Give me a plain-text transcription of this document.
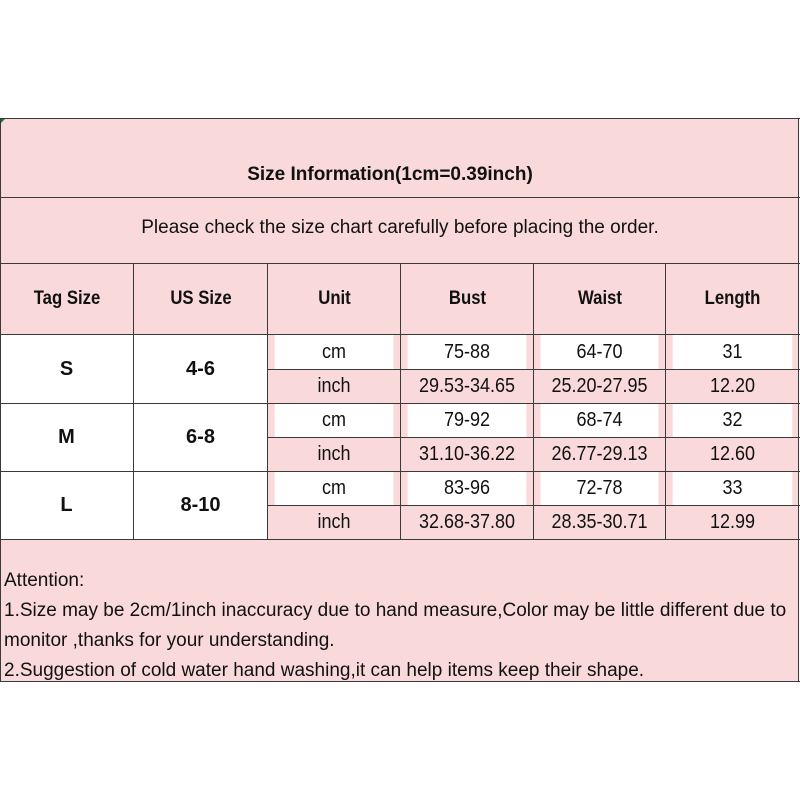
Size Information(1cm=0.39inch)
Please check the size chart carefully before placing the order.
Tag Size	US Size	Unit	Bust	Waist	Length
S	4-6
cm	75-88	64-70	31
inch	29.53-34.65	25.20-27.95	12.20
M	6-8
cm	79-92	68-74	32
inch	31.10-36.22	26.77-29.13	12.60
L	8-10
cm	83-96	72-78	33
inch	32.68-37.80	28.35-30.71	12.99
Attention:
1.Size may be 2cm/1inch inaccuracy due to hand measure,Color may be little different due to
monitor ,thanks for your understanding.
2.Suggestion of cold water hand washing,it can help items keep their shape.
